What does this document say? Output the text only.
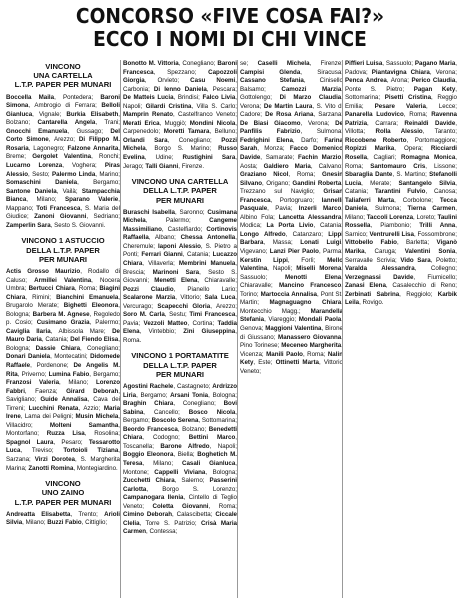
CONCORSO «FIVE COSA FAI?»
ECCO I NOMI DI CHI VINCE
VINCONO
UNA CARTELLA
L.T.P. PAPER PER MUNARI

Boccella Maila, Pontedera; Baroni Simona, Ambrogio di Ferrara; Belloli Gianluca, Vignale; Burkia Elisabeth, Bolzano; Cantarella Angela, Trani; Gnocchi Emanuela, Gussago; Del Corto Simone, Arezzo; Di Filippo M. Rosaria, Lagonegro; Falzone Annarita, Breme; Gergolet Valentina, Ronchi; Lucarno Lorenza, Voghera; Piras Alessio, Sesto; Palermo Linda, Marino; Somaschini Daniela, Bergamo; Santone Daniela, Vailà; Stampacchia Bianca, Milano; Sparano Valerie, Mappano; Toti Francesca, S. Maria del Giudice; Zanoni Giovanni, Sedriano; Zamperlin Sara, Sesto S. Giovanni.

VINCONO 1 ASTUCCIO
DELLA L.T.P. PAPER
PER MUNARI

Actis Grosso Maurizio, Rodallo di Caluso; Armillei Valentina, Nocera Umbra; Bertucci Chiara, Roma; Biagini Chiara, Rimini; Bianchini Emanuela, Brugarolo Merate; Bighetti Eleonora, Bologna; Barbera M. Agnese, Regoledo p. Cosio; Cusimano Grazia, Palermo; Caviglia Ilaria, Albissola Mare; De Mauro Daria, Catania; Del Fiendo Elisa, Bologna; Dassie Chiara, Conegliano; Donari Daniela, Montecatini; Didomede Raffaele, Pordenone; De Angelis M. Rita, Priverno; Lumina Fabio, Bergamo; Franzosi Valeria, Milano; Lorenzo Fabbri, Faenza; Girard Deborah, Savigliano; Guide Annalisa, Cava dei Tirreni; Lucchini Renata, Azzio; Maria Irene, Lama dei Peligni; Musin Michela, Villacidro; Molteni Samantha, Montorfano; Ruzza Lisa, Rosolina; Spagnol Laura, Pesaro; Tessarotto Luca, Treviso; Tortoioli Tiziana, Sarzana; Virzi Dorotea, S. Margherita Marina; Zanotti Romina, Montegiardino.

VINCONO
UNO ZAINO
L.T.P. PAPER PER MUNARI

Andreatta Elisabetta, Trento; Arioli Silvia, Milano; Buzzi Fabio, Cittiglio;

Bonotto M. Vittoria, Conegliano; Baroni Francesca, Spezzano; Capozzoli Giorgia, Orvieto; Casu Noemi, Carbonia; Di Ienno Daniela, Pescara; De Matteis Lucia, Brindisi; Falco Livia, Napoli; Gilardi Cristina, Villa S. Carlo; Mamprin Renato, Castelfranco Veneto; Merati Erica, Muggiò; Mondini Nicola, Carpenedolo; Moretti Tamara, Belluno; Orlandi Sara, Conegliano; Pozzi Michela, Borgo S. Marino; Russo Evelina, Udine; Rustighini Sara, Jerago; Talli Gianni, Firenze.

VINCONO UNA CARTELLA
DELLA L.T.P. PAPER
PER MUNARI

Buraschi Isabella, Saronno; Cusimana Michela, Palermo; Cangeme Massimiliano, Castelfiardo; Cortinovis Raffaella, Albano; Chessa Antonella, Cheremule; Iaponi Alessio, S. Pietro a Ponti; Ferrari Gianni, Catania; Lucazzo Chiara, Villaverla; Membrini Manuela, Brescia; Marinoni Sara, Sesto S. Giovanni; Menetti Elena, Chiaravalle; Pozzi Claudio, Pianello Lario; Scalarone Marzia, Vittorio; Sala Luca, Vercurago; Scapecchi Gloria, Arezzo; Soro M. Carla, Sestu; Timi Francesca, Pavia; Vezzoli Matteo, Cortina; Taddia Elena, Vintebbio; Zini Giuseppina, Roma.

VINCONO 1 PORTAMATITE
DELLA L.T.P. PAPER
PER MUNARI

Agostini Rachele, Castagneto; Ardrizzo Liria, Bergamo; Arsani Tonia, Bologna; Braghin Chiara, Conegliano; Bovi Sabina, Cancello; Bosco Nicola, Bergamo; Boscolo Serena, Sottomarina; Beordo Francesca, Bolzano; Benedetti Chiara, Codogno; Bettini Marco, Toscanella; Barone Alfredo, Napoli; Boggio Eleonora, Biella; Boghetich M. Teresa, Milano; Casali Gianluca, Montone; Cappelli Viviana, Bologna; Zucchetti Chiara, Salerno; Passerini Carlotta, Borgo S. Lorenzo; Campanogara Ilenia, Cintello di Teglio Veneto; Coletta Giovanni, Roma; Cimino Deborah, Calascibetta; Ciccale Clelia, Torre S. Patrizio; Crisà Maria Carmen, Contessa;

se; Caselli Michela, Firenze; Campisi Glenda, Siracusa; Cassano Stefania, Cinisello Balsamo; Camozzi Marzia, Gottolengo; Di Marzo Claudia, Verona; De Martin Laura, S. Vito di Cadore; De Rosa Ariana, Sarzana; De Biasi Giacomo, Verona; De Panfilis Fabrizio, Sulmona; Fedrighini Elena, Darfo; Farina Sarah, Monza; Facco Domenico Davide, Samarate; Fachin Marzio, Aosta; Galdiero Maria, Calvano; Graziano Nicol, Roma; Gnesin Silvano, Origano; Gandini Roberta, Trezzano sul Naviglio; Grisan Francesca, Portogruaro; Iannelli Pasquale, Pavia; Inzerli Marco, Albino Fola; Lancetta Alessandra, Modica; La Porta Livio, Catania; Longo Alfredo, Catanzaro; Lippi Barbara, Massa; Lonati Luigi, Vigevano; Lanzi Pier Paolo, Parma; Kerstin Lippi, Forlì; Mello Valentina, Napoli; Miselli Morena, Sassuolo; Menotti Elena, Chiaravalle; Mancino Francesco, Torino; Martoccia Annalisa, Pont St. Martin; Magnaguagno Chiara, Montecchio Magg.; Marandella Stefania, Viareggio; Mondali Paola, Genova; Maggioni Valentina, Birone di Giussano; Manassero Giovanna, Pino Torinese; Meceneo Margherita, Vicenza; Manili Paolo, Roma; Nalin Kety, Este; Ottinetti Marta, Vittorio Veneto;

Piffieri Luisa, Sassuolo; Pagano Maria, Padova; Piantavigna Chiara, Verona; Penca Andrea, Arona; Perico Claudia, Ponte S. Pietro; Pagan Kety, Sottomarina; Pisetti Cristina, Reggio Emilia; Pesare Valeria, Lecce; Panarella Ludovico, Roma; Ravenna Patrizia, Carrara; Reinaldi Davide, Villotta; Rolla Alessio, Taranto; Riccobene Roberto, Portomaggiore; Ropizzi Marika, Opera; Ricciardi Rosella, Cagliari; Romagna Monica, Roma; Santomauro Cris, Lissone; Sbaraglia Dante, S. Martino; Stefanolli Lucia, Merate; Santangelo Silvia, Catania; Tarantini Fulvio, Canosa; Taliaferri Marta, Corbolone; Tecca Daniela, Sulmona; Tierna Carmen, Milano; Taccoli Lorenza, Loreto; Taulini Rossella, Piambonio; Trilli Anna, Sarnico; Ventrurelli Lisa, Fossombrone; Vittobello Fabio, Barletta; Viganò Marika, Caruga; Valentini Sonia, Serravalle Scrivia; Vido Sara, Poletto; Varalda Alessandra, Collegno; Verzegnassi Davide, Fiumicello; Zanasi Elena, Casalecchio di Reno; Zerbinati Sabrina, Reggiolo; Karbik Leila, Rovigo.
